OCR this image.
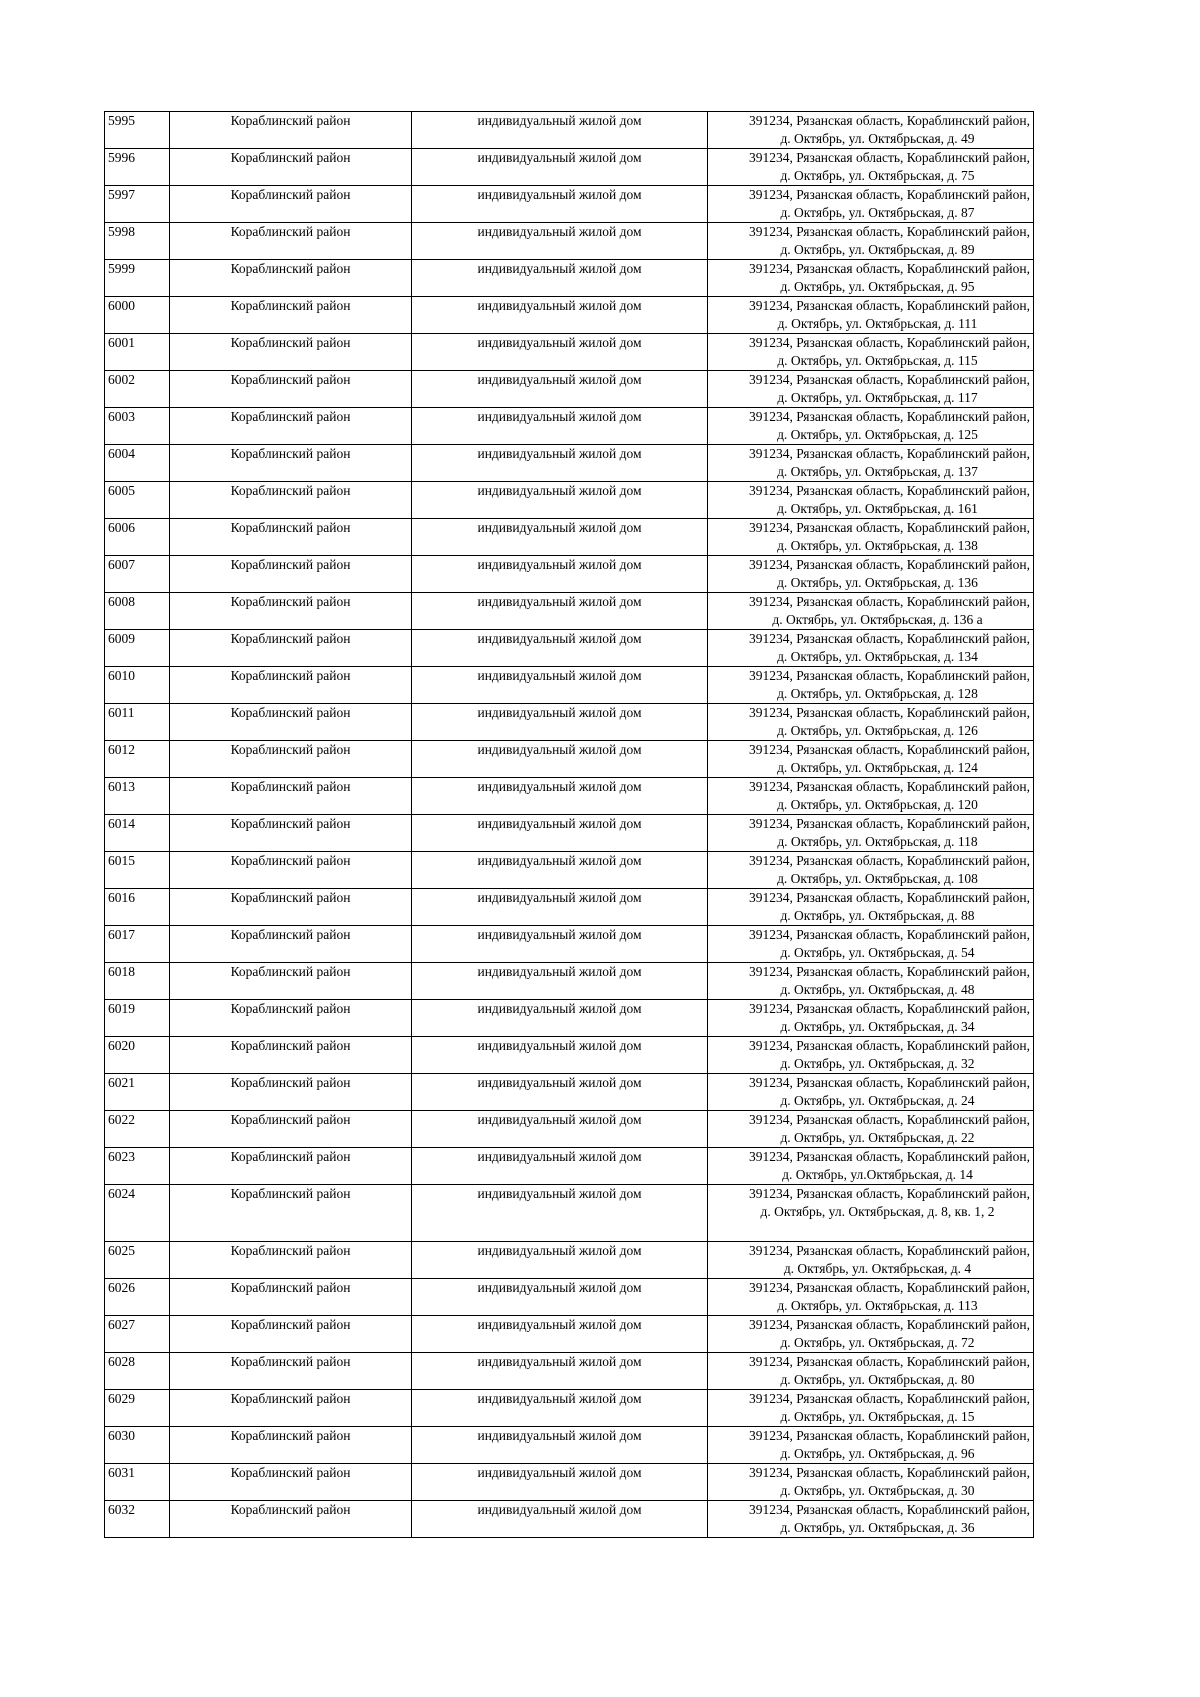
5995	Кораблинский район	индивидуальный жилой дом	391234, Рязанская область, Кораблинский район,
д. Октябрь, ул. Октябрьская, д. 49

5996	Кораблинский район	индивидуальный жилой дом	391234, Рязанская область, Кораблинский район,
д. Октябрь, ул. Октябрьская, д. 75

5997	Кораблинский район	индивидуальный жилой дом	391234, Рязанская область, Кораблинский район,
д. Октябрь, ул. Октябрьская, д. 87

5998	Кораблинский район	индивидуальный жилой дом	391234, Рязанская область, Кораблинский район,
д. Октябрь, ул. Октябрьская, д. 89

5999	Кораблинский район	индивидуальный жилой дом	391234, Рязанская область, Кораблинский район,
д. Октябрь, ул. Октябрьская, д. 95

6000	Кораблинский район	индивидуальный жилой дом	391234, Рязанская область, Кораблинский район,
д. Октябрь, ул. Октябрьская, д. 111

6001	Кораблинский район	индивидуальный жилой дом	391234, Рязанская область, Кораблинский район,
д. Октябрь, ул. Октябрьская, д. 115

6002	Кораблинский район	индивидуальный жилой дом	391234, Рязанская область, Кораблинский район,
д. Октябрь, ул. Октябрьская, д. 117

6003	Кораблинский район	индивидуальный жилой дом	391234, Рязанская область, Кораблинский район,
д. Октябрь, ул. Октябрьская, д. 125

6004	Кораблинский район	индивидуальный жилой дом	391234, Рязанская область, Кораблинский район,
д. Октябрь, ул. Октябрьская, д. 137

6005	Кораблинский район	индивидуальный жилой дом	391234, Рязанская область, Кораблинский район,
д. Октябрь, ул. Октябрьская, д. 161

6006	Кораблинский район	индивидуальный жилой дом	391234, Рязанская область, Кораблинский район,
д. Октябрь, ул. Октябрьская, д. 138

6007	Кораблинский район	индивидуальный жилой дом	391234, Рязанская область, Кораблинский район,
д. Октябрь, ул. Октябрьская, д. 136

6008	Кораблинский район	индивидуальный жилой дом	391234, Рязанская область, Кораблинский район,
д. Октябрь, ул. Октябрьская, д. 136 а

6009	Кораблинский район	индивидуальный жилой дом	391234, Рязанская область, Кораблинский район,
д. Октябрь, ул. Октябрьская, д. 134

6010	Кораблинский район	индивидуальный жилой дом	391234, Рязанская область, Кораблинский район,
д. Октябрь, ул. Октябрьская, д. 128

6011	Кораблинский район	индивидуальный жилой дом	391234, Рязанская область, Кораблинский район,
д. Октябрь, ул. Октябрьская, д. 126

6012	Кораблинский район	индивидуальный жилой дом	391234, Рязанская область, Кораблинский район,
д. Октябрь, ул. Октябрьская, д. 124

6013	Кораблинский район	индивидуальный жилой дом	391234, Рязанская область, Кораблинский район,
д. Октябрь, ул. Октябрьская, д. 120

6014	Кораблинский район	индивидуальный жилой дом	391234, Рязанская область, Кораблинский район,
д. Октябрь, ул. Октябрьская, д. 118

6015	Кораблинский район	индивидуальный жилой дом	391234, Рязанская область, Кораблинский район,
д. Октябрь, ул. Октябрьская, д. 108

6016	Кораблинский район	индивидуальный жилой дом	391234, Рязанская область, Кораблинский район,
д. Октябрь, ул. Октябрьская, д. 88

6017	Кораблинский район	индивидуальный жилой дом	391234, Рязанская область, Кораблинский район,
д. Октябрь, ул. Октябрьская, д. 54

6018	Кораблинский район	индивидуальный жилой дом	391234, Рязанская область, Кораблинский район,
д. Октябрь, ул. Октябрьская, д. 48

6019	Кораблинский район	индивидуальный жилой дом	391234, Рязанская область, Кораблинский район,
д. Октябрь, ул. Октябрьская, д. 34

6020	Кораблинский район	индивидуальный жилой дом	391234, Рязанская область, Кораблинский район,
д. Октябрь, ул. Октябрьская, д. 32

6021	Кораблинский район	индивидуальный жилой дом	391234, Рязанская область, Кораблинский район,
д. Октябрь, ул. Октябрьская, д. 24

6022	Кораблинский район	индивидуальный жилой дом	391234, Рязанская область, Кораблинский район,
д. Октябрь, ул. Октябрьская, д. 22

6023	Кораблинский район	индивидуальный жилой дом	391234, Рязанская область, Кораблинский район,
д. Октябрь, ул.Октябрьская, д. 14

6024	Кораблинский район	индивидуальный жилой дом	391234, Рязанская область, Кораблинский район,
д. Октябрь, ул. Октябрьская, д. 8, кв. 1, 2

6025	Кораблинский район	индивидуальный жилой дом	391234, Рязанская область, Кораблинский район,
д. Октябрь, ул. Октябрьская, д. 4

6026	Кораблинский район	индивидуальный жилой дом	391234, Рязанская область, Кораблинский район,
д. Октябрь, ул. Октябрьская, д. 113

6027	Кораблинский район	индивидуальный жилой дом	391234, Рязанская область, Кораблинский район,
д. Октябрь, ул. Октябрьская, д. 72

6028	Кораблинский район	индивидуальный жилой дом	391234, Рязанская область, Кораблинский район,
д. Октябрь, ул. Октябрьская, д. 80

6029	Кораблинский район	индивидуальный жилой дом	391234, Рязанская область, Кораблинский район,
д. Октябрь, ул. Октябрьская, д. 15

6030	Кораблинский район	индивидуальный жилой дом	391234, Рязанская область, Кораблинский район,
д. Октябрь, ул. Октябрьская, д. 96

6031	Кораблинский район	индивидуальный жилой дом	391234, Рязанская область, Кораблинский район,
д. Октябрь, ул. Октябрьская, д. 30

6032	Кораблинский район	индивидуальный жилой дом	391234, Рязанская область, Кораблинский район,
д. Октябрь, ул. Октябрьская, д. 36
